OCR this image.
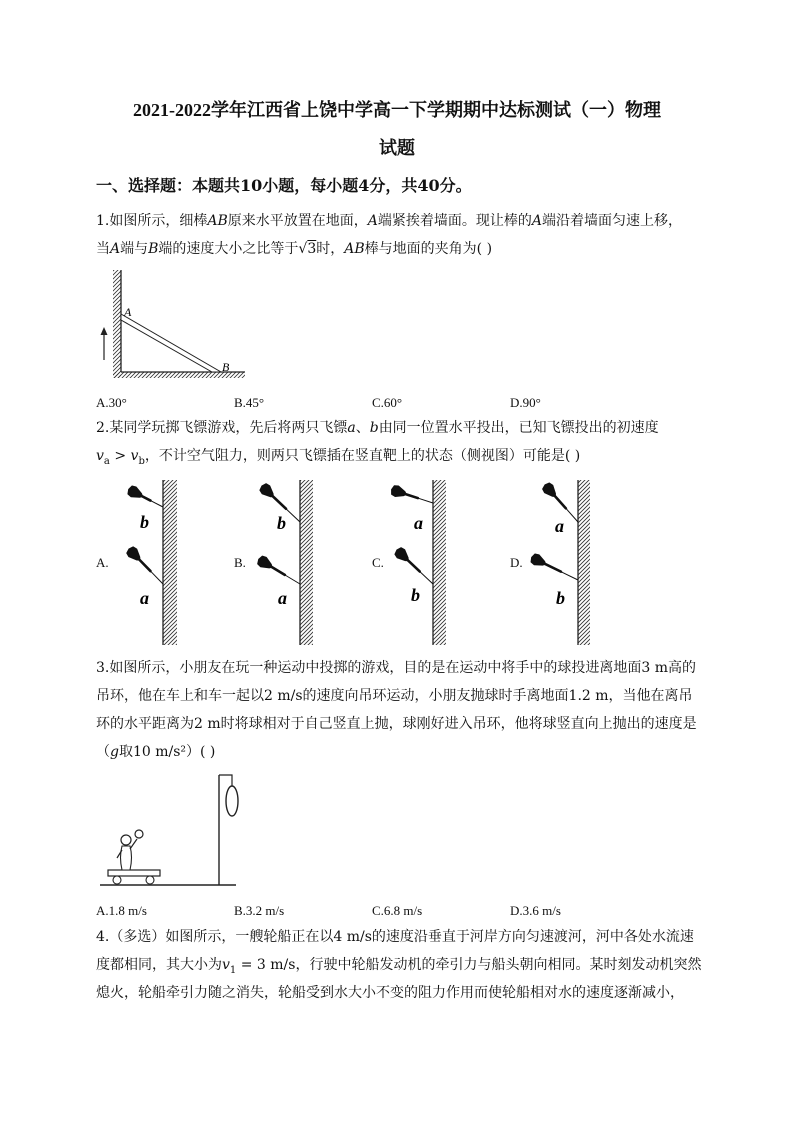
2021-2022学年江西省上饶中学高一下学期期中达标测试（一）物理
试题
一、选择题：本题共10小题，每小题4分，共40分。
1.如图所示，细棒AB原来水平放置在地面，A端紧挨着墙面。现让棒的A端沿着墙面匀速上移，
当A端与B端的速度大小之比等于√3时，AB棒与地面的夹角为( )
A
B
A.30°	B.45°	C.60°	D.90°
2.某同学玩掷飞镖游戏，先后将两只飞镖a、b由同一位置水平投出，已知飞镖投出的初速度
$v_a > v_b$，不计空气阻力，则两只飞镖插在竖直靶上的状态（侧视图）可能是( )
A.	B.	C.	D.
b
a
b
a
a
b
a
b
3.如图所示，小朋友在玩一种运动中投掷的游戏，目的是在运动中将手中的球投进离地面3 m高的
吊环，他在车上和车一起以2 m/s的速度向吊环运动，小朋友抛球时手离地面1.2 m，当他在离吊
环的水平距离为2 m时将球相对于自己竖直上抛，球刚好进入吊环，他将球竖直向上抛出的速度是
（g取10 m/s²）( )
A.1.8 m/s	B.3.2 m/s	C.6.8 m/s	D.3.6 m/s
4.（多选）如图所示，一艘轮船正在以4 m/s的速度沿垂直于河岸方向匀速渡河，河中各处水流速
度都相同，其大小为$v_1 = 3$ m/s，行驶中轮船发动机的牵引力与船头朝向相同。某时刻发动机突然
熄火，轮船牵引力随之消失，轮船受到水大小不变的阻力作用而使轮船相对水的速度逐渐减小，
